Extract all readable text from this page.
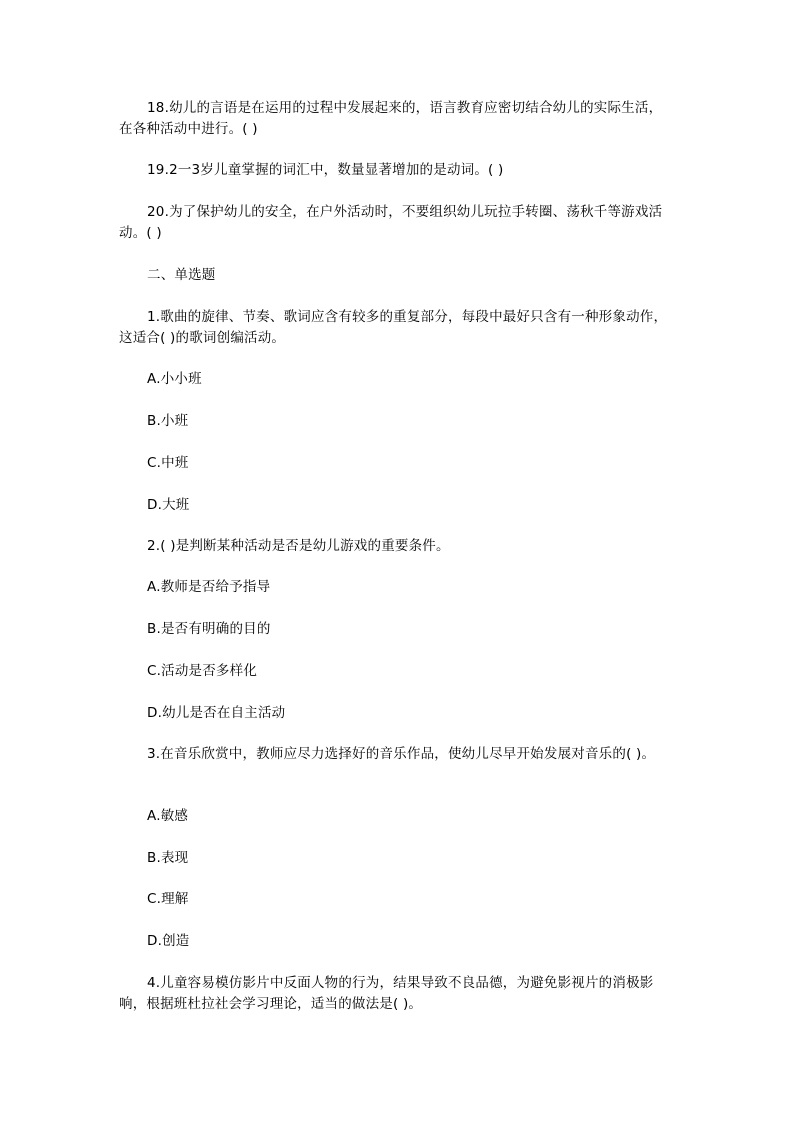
18.幼儿的言语是在运用的过程中发展起来的，语言教育应密切结合幼儿的实际生活，
在各种活动中进行。( )
19.2一3岁儿童掌握的词汇中，数量显著增加的是动词。( )
20.为了保护幼儿的安全，在户外活动时，不要组织幼儿玩拉手转圈、荡秋千等游戏活
动。( )
二、单选题
1.歌曲的旋律、节奏、歌词应含有较多的重复部分，每段中最好只含有一种形象动作，
这适合( )的歌词创编活动。
A.小小班
B.小班
C.中班
D.大班
2.( )是判断某种活动是否是幼儿游戏的重要条件。
A.教师是否给予指导
B.是否有明确的目的
C.活动是否多样化
D.幼儿是否在自主活动
3.在音乐欣赏中，教师应尽力选择好的音乐作品，使幼儿尽早开始发展对音乐的( )。
A.敏感
B.表现
C.理解
D.创造
4.儿童容易模仿影片中反面人物的行为，结果导致不良品德，为避免影视片的消极影
响，根据班杜拉社会学习理论，适当的做法是( )。
